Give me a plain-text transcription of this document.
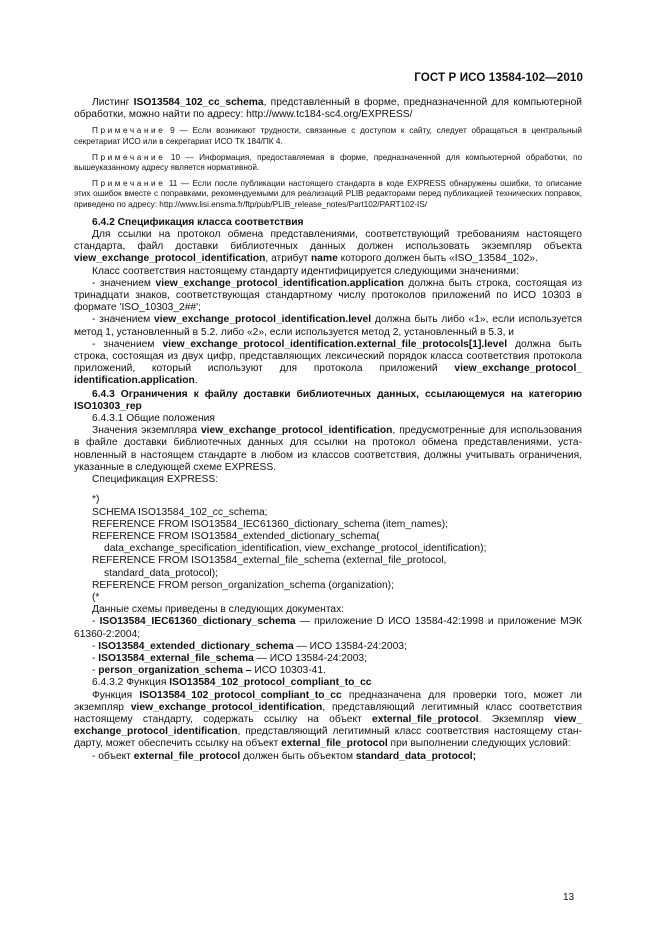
ГОСТ Р ИСО 13584-102—2010

Листинг ISO13584_102_cc_schema, представленный в форме, предназначенной для компьютерной обработки, можно найти по адресу: http://www.tc184-sc4.org/EXPRESS/

Примечание 9 — Если возникают трудности, связанные с доступом к сайту, следует обращаться в центральный секретариат ИСО или в секретариат ИСО ТК 184/ПК 4.

Примечание 10 — Информация, предоставляемая в форме, предназначенной для компьютерной обработки, по вышеуказанному адресу является нормативной.

Примечание 11 — Если после публикации настоящего стандарта в коде EXPRESS обнаружены ошибки, то описание этих ошибок вместе с поправками, рекомендуемыми для реализаций PLIB редакторами перед публикацией технических поправок, приведено по адресу: http://www.lisi.ensma.fr/ftp/pub/PLIB_release_notes/Part102/PART102-IS/

6.4.2 Спецификация класса соответствия

Для ссылки на протокол обмена представлениями, соответствующий требованиям настоящего стандарта, файл доставки библиотечных данных должен использовать экземпляр объекта view_exchange_protocol_identification, атрибут name которого должен быть «ISO_13584_102».

Класс соответствия настоящему стандарту идентифицируется следующими значениями:

- значением view_exchange_protocol_identification.application должна быть строка, состоящая из тринадцати знаков, соответствующая стандартному числу протоколов приложений по ИСО 10303 в формате 'ISO_10303_2##';

- значением view_exchange_protocol_identification.level должна быть либо «1», если используется метод 1, установленный в 5.2. либо «2», если используется метод 2, установленный в 5.3, и

- значением view_exchange_protocol_identification.external_file_protocols[1].level должна быть строка, состоящая из двух цифр, представляющих лексический порядок класса соответствия протокола приложений, который используют для протокола приложений view_exchange_protocol_ identification.application.

6.4.3 Ограничения к файлу доставки библиотечных данных, ссылающемуся на категорию ISO10303_rep

6.4.3.1 Общие положения

Значения экземпляра view_exchange_protocol_identification, предусмотренные для использования в файле доставки библиотечных данных для ссылки на протокол обмена представлениями, установленный в настоящем стандарте в любом из классов соответствия, должны учитывать ограничения, указанные в следующей схеме EXPRESS.

Спецификация EXPRESS:

*)

SCHEMA ISO13584_102_cc_schema;

REFERENCE FROM ISO13584_IEC61360_dictionary_schema (item_names);

REFERENCE FROM ISO13584_extended_dictionary_schema(

data_exchange_specification_identification, view_exchange_protocol_identification);

REFERENCE FROM ISO13584_external_file_schema (external_file_protocol,

standard_data_protocol);

REFERENCE FROM person_organization_schema (organization);

(*

Данные схемы приведены в следующих документах:

- ISO13584_IEC61360_dictionary_schema — приложение D ИСО 13584-42:1998 и приложение МЭК 61360-2:2004;

- ISO13584_extended_dictionary_schema — ИСО 13584-24:2003;

- ISO13584_external_file_schema — ИСО 13584-24:2003;

- person_organization_schema – ИСО 10303-41.

6.4.3.2 Функция ISO13584_102_protocol_compliant_to_cc

Функция ISO13584_102_protocol_compliant_to_cc предназначена для проверки того, может ли экземпляр view_exchange_protocol_identification, представляющий легитимный класс соответствия настоящему стандарту, содержать ссылку на объект external_file_protocol. Экземпляр view_ exchange_protocol_identification, представляющий легитимный класс соответствия настоящему стандарту, может обеспечить ссылку на объект external_file_protocol при выполнении следующих условий:

- объект external_file_protocol должен быть объектом standard_data_protocol;

13
